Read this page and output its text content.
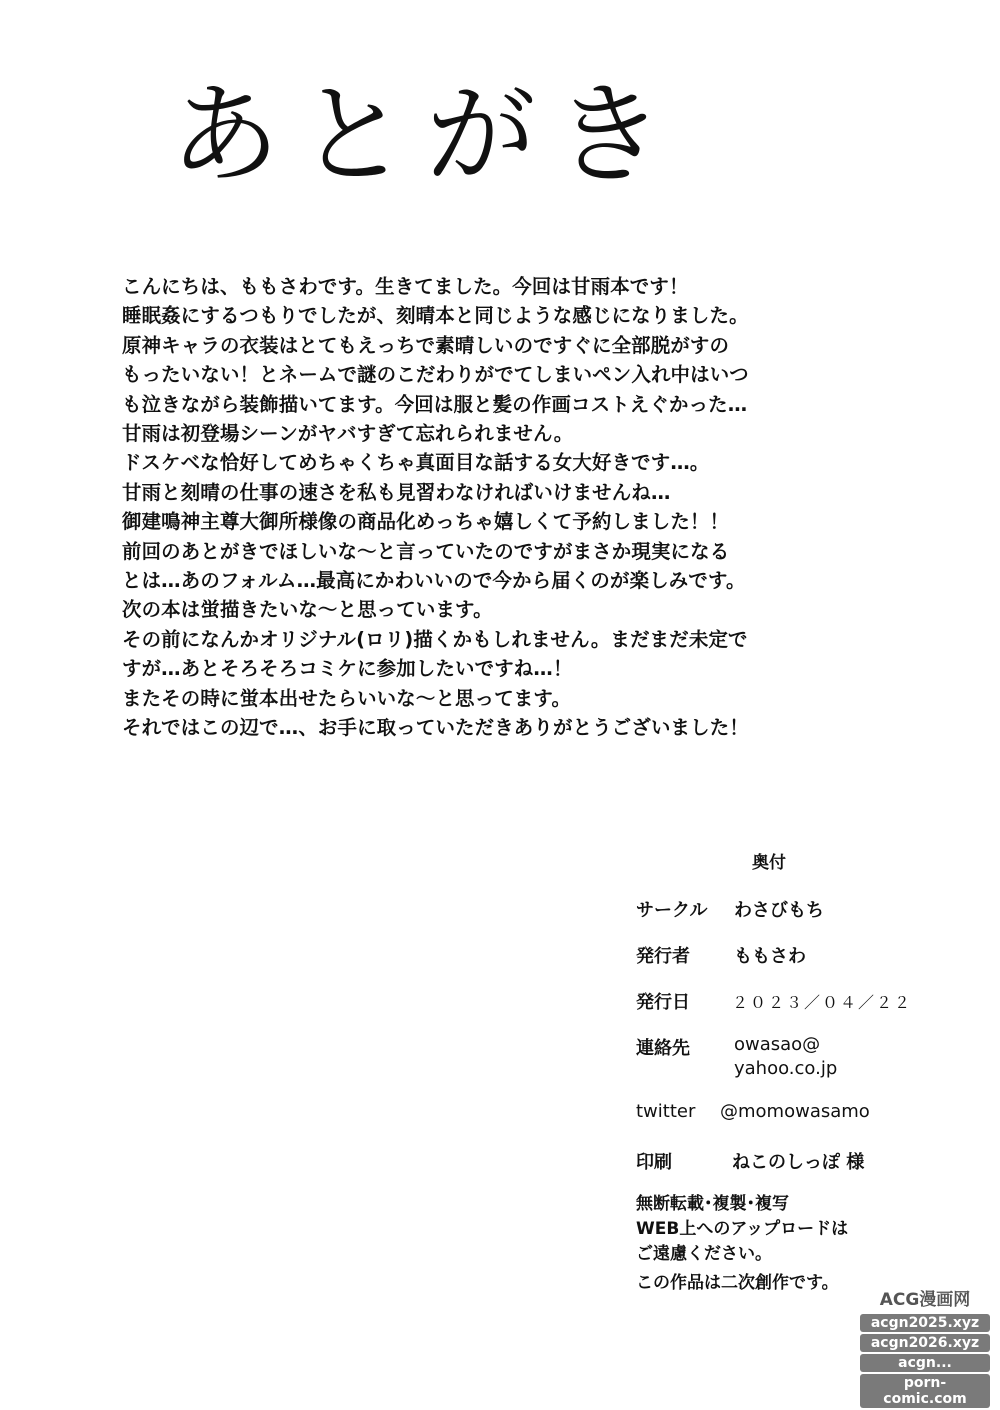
あとがき
こんにちは、ももさわです。生きてました。今回は甘雨本です！
睡眠姦にするつもりでしたが、刻晴本と同じような感じになりました。
原神キャラの衣装はとてもえっちで素晴しいのですぐに全部脱がすの
もったいない！とネームで謎のこだわりがでてしまいペン入れ中はいつ
も泣きながら装飾描いてます。今回は服と髪の作画コストえぐかった…
甘雨は初登場シーンがヤバすぎて忘れられません。
ドスケベな恰好してめちゃくちゃ真面目な話する女大好きです…。
甘雨と刻晴の仕事の速さを私も見習わなければいけませんね…
御建鳴神主尊大御所様像の商品化めっちゃ嬉しくて予約しました！！
前回のあとがきでほしいな～と言っていたのですがまさか現実になる
とは…あのフォルム…最高にかわいいので今から届くのが楽しみです。
次の本は蛍描きたいな～と思っています。
その前になんかオリジナル(ロリ)描くかもしれません。まだまだ未定で
すが…あとそろそろコミケに参加したいですね…！
またその時に蛍本出せたらいいな～と思ってます。
それではこの辺で…、お手に取っていただきありがとうございました！
奥付
サークル わさびもち
発行者 ももさわ
発行日	２０２３／０４／２２
連絡先 owasao@
yahoo.co.jp
twitter @momowasamo
印刷	ねこのしっぽ 様
無断転載･複製･複写
WEB上へのアップロードは
ご遠慮ください。
この作品は二次創作です。
ACG漫画网
acgn2025.xyz
acgn2026.xyz
acgn...
porn-comic.com
